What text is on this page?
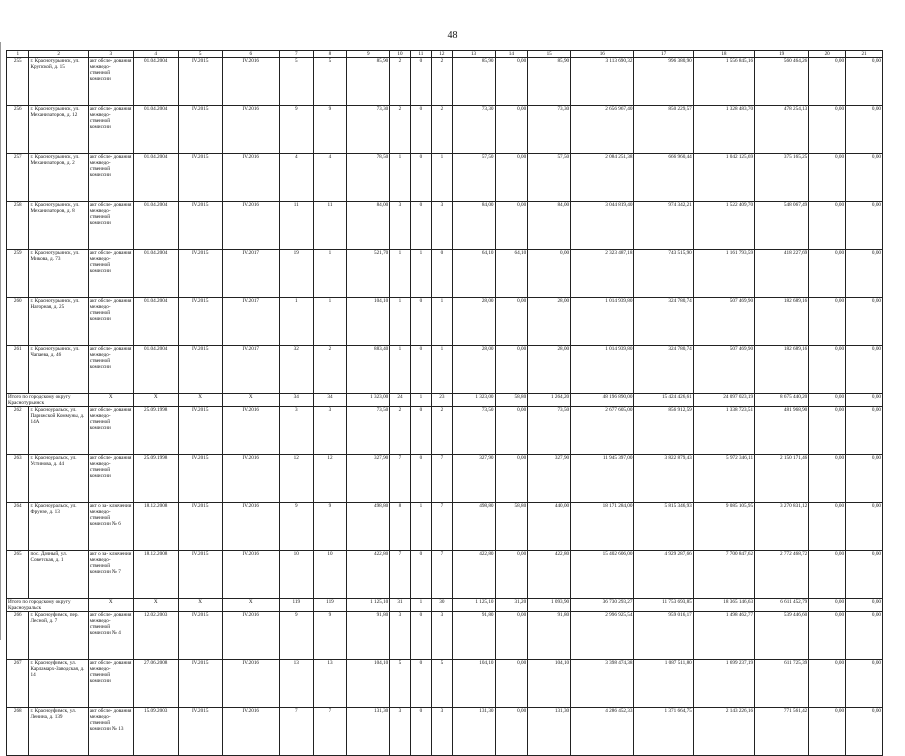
48
1	2	3	4	5	6	7	8	9	10	11	12	13	14	15	16	17	18	19	20	21
255	г. Краснотурьинск, ул. Крупской, д. 15	акт обсле- дования межведо- ственной комиссии	01.04.2004	IV.2015	IV.2016	5	5	85,90	2	0	2	85,90	0,00	85,90	3 113 690,32	996 380,90	1 556 845,16	560 464,26	0,00	0,00
256	г. Краснотурьинск, ул. Механизаторов, д. 12	акт обсле- дования межведо- ственной комиссии	01.04.2004	IV.2015	IV.2016	9	9	73,30	2	0	2	73,30	0,00	73,30	2 656 967,40	850 229,57	1 328 483,70	478 254,13	0,00	0,00
257	г. Краснотурьинск, ул. Механизаторов, д. 2	акт обсле- дования межведо- ственной комиссии	01.04.2004	IV.2015	IV.2016	4	4	78,50	1	0	1	57,50	0,00	57,50	2 084 251,38	666 960,44	1 042 125,69	375 165,25	0,00	0,00
258	г. Краснотурьинск, ул. Механизаторов, д. 8	акт обсле- дования межведо- ственной комиссии	01.04.2004	IV.2015	IV.2016	11	11	84,00	3	0	3	84,00	0,00	84,00	3 044 819,40	974 342,21	1 522 409,70	548 067,49	0,00	0,00
259	г. Краснотурьинск, ул. Микова, д. 73	акт обсле- дования межведо- ственной комиссии	01.04.2004	IV.2015	IV.2017	19	1	521,70	1	1	0	64,10	64,10	0,00	2 323 487,18	743 515,90	1 161 793,59	418 227,69	0,00	0,00
260	г. Краснотурьинск, ул. Нагорная, д. 25	акт обсле- дования межведо- ственной комиссии	01.04.2004	IV.2015	IV.2017	1	1	104,10	1	0	1	28,00	0,00	28,00	1 014 939,80	324 780,74	507 469,90	182 689,16	0,00	0,00
261	г. Краснотурьинск, ул. Чапаева, д. 46	акт обсле- дования межведо- ственной комиссии	01.04.2004	IV.2015	IV.2017	32	2	883,40	1	0	1	28,00	0,00	28,00	1 014 939,80	324 780,74	507 469,90	182 689,16	0,00	0,00
Итого по городскому округу Краснотурьинск		X	X	X	X	34	34	1 323,00	24	1	23	1 323,00	58,80	1 264,20	48 196 890,00	15 424 426,61	24 097 023,19	8 675 440,20	0,00	0,00
262	г. Красноуральск, ул. Парижской Коммуны, д. 14А	акт обсле- дования межведо- ственной комиссии	25.09.1998	IV.2015	IV.2016	3	3	73,50	2	0	2	73,50	0,00	73,50	2 677 605,00	856 912,59	1 338 723,51	481 968,90	0,00	0,00
263	г. Красноуральск, ул. Устинова, д. 44	акт обсле- дования межведо- ственной комиссии	25.09.1998	IV.2015	IV.2016	12	12	327,90	7	0	7	327,90	0,00	327,90	11 945 397,00	3 822 879,43	5 972 346,11	2 150 171,46	0,00	0,00
264	г. Красноуральск, ул. Фрунзе, д. 13	акт о за- ключении межведо- ственной комиссии № 6	18.12.2008	IV.2015	IV.2016	9	9	498,80	8	1	7	498,80	58,80	440,00	18 171 284,00	5 815 346,93	9 085 105,95	3 270 831,12	0,00	0,00
265	пос. Дачный, ул. Советская, д. 1	акт о за- ключении межведо- ственной комиссии № 7	18.12.2008	IV.2015	IV.2016	10	10	422,80	7	0	7	422,80	0,00	422,80	15 402 606,00	4 929 287,66	7 700 847,62	2 772 468,72	0,00	0,00
Итого по городскому округу Красноуральск		X	X	X	X	119	119	1 125,10	31	1	30	1 125,10	31,20	1 093,90	36 730 293,27	11 753 693,85	18 365 146,63	6 611 452,79	0,00	0,00
266	г. Красноуфимск, пер. Лесной, д. 7	акт обсле- дования межведо- ственной комиссии № 4	12.02.2003	IV.2015	IV.2016	9	9	91,80	3	0	3	91,80	0,00	91,80	2 996 925,54	959 016,17	1 498 462,77	539 446,60	0,00	0,00
267	г. Красноуфимск, ул. Карламарх-Заводская, д. 14	акт обсле- дования межведо- ственной комиссии	27.06.2008	IV.2015	IV.2016	13	13	104,10	5	0	5	104,10	0,00	104,10	3 398 474,38	1 087 511,80	1 699 237,19	611 725,39	0,00	0,00
268	г. Красноуфимск, ул. Ленина, д. 139	акт обсле- дования межведо- ственной комиссии № 13	15.09.2003	IV.2015	IV.2016	7	7	131,30	3	0	3	131,30	0,00	131,30	4 286 452,33	1 371 664,75	2 143 226,16	771 561,42	0,00	0,00
